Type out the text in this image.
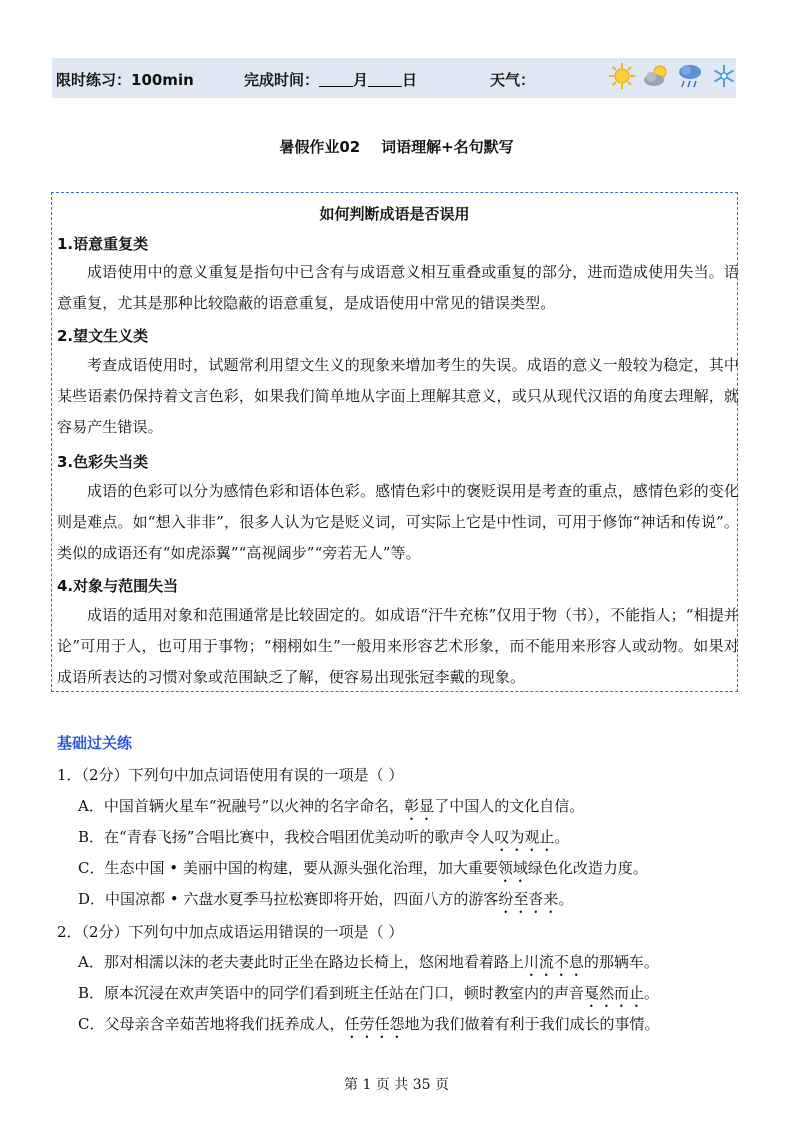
限时练习：100min	完成时间： 月 日	天气：
暑假作业02    词语理解+名句默写
如何判断成语是否误用
1.语意重复类
成语使用中的意义重复是指句中已含有与成语意义相互重叠或重复的部分，进而造成使用失当。语意重复，尤其是那种比较隐蔽的语意重复，是成语使用中常见的错误类型。
2.望文生义类
考查成语使用时，试题常利用望文生义的现象来增加考生的失误。成语的意义一般较为稳定，其中某些语素仍保持着文言色彩，如果我们简单地从字面上理解其意义，或只从现代汉语的角度去理解，就容易产生错误。
3.色彩失当类
成语的色彩可以分为感情色彩和语体色彩。感情色彩中的褒贬误用是考查的重点，感情色彩的变化则是难点。如“想入非非”，很多人认为它是贬义词，可实际上它是中性词，可用于修饰“神话和传说”。类似的成语还有“如虎添翼”“高视阔步”“旁若无人”等。
4.对象与范围失当
成语的适用对象和范围通常是比较固定的。如成语“汗牛充栋”仅用于物（书），不能指人；“相提并论”可用于人，也可用于事物；“栩栩如生”一般用来形容艺术形象，而不能用来形容人或动物。如果对成语所表达的习惯对象或范围缺乏了解，便容易出现张冠李戴的现象。
基础过关练
1．（2分）下列句中加点词语使用有误的一项是（ ）
A．中国首辆火星车“祝融号”以火神的名字命名，彰显了中国人的文化自信。
B．在“青春飞扬”合唱比赛中，我校合唱团优美动听的歌声令人叹为观止。
C．生态中国 • 美丽中国的构建，要从源头强化治理，加大重要领域绿色化改造力度。
D．中国凉都 • 六盘水夏季马拉松赛即将开始，四面八方的游客纷至沓来。
2．（2分）下列句中加点成语运用错误的一项是（ ）
A．那对相濡以沫的老夫妻此时正坐在路边长椅上，悠闲地看着路上川流不息的那辆车。
B．原本沉浸在欢声笑语中的同学们看到班主任站在门口，顿时教室内的声音戛然而止。
C．父母亲含辛茹苦地将我们抚养成人，任劳任怨地为我们做着有利于我们成长的事情。
第 1 页 共 35 页
